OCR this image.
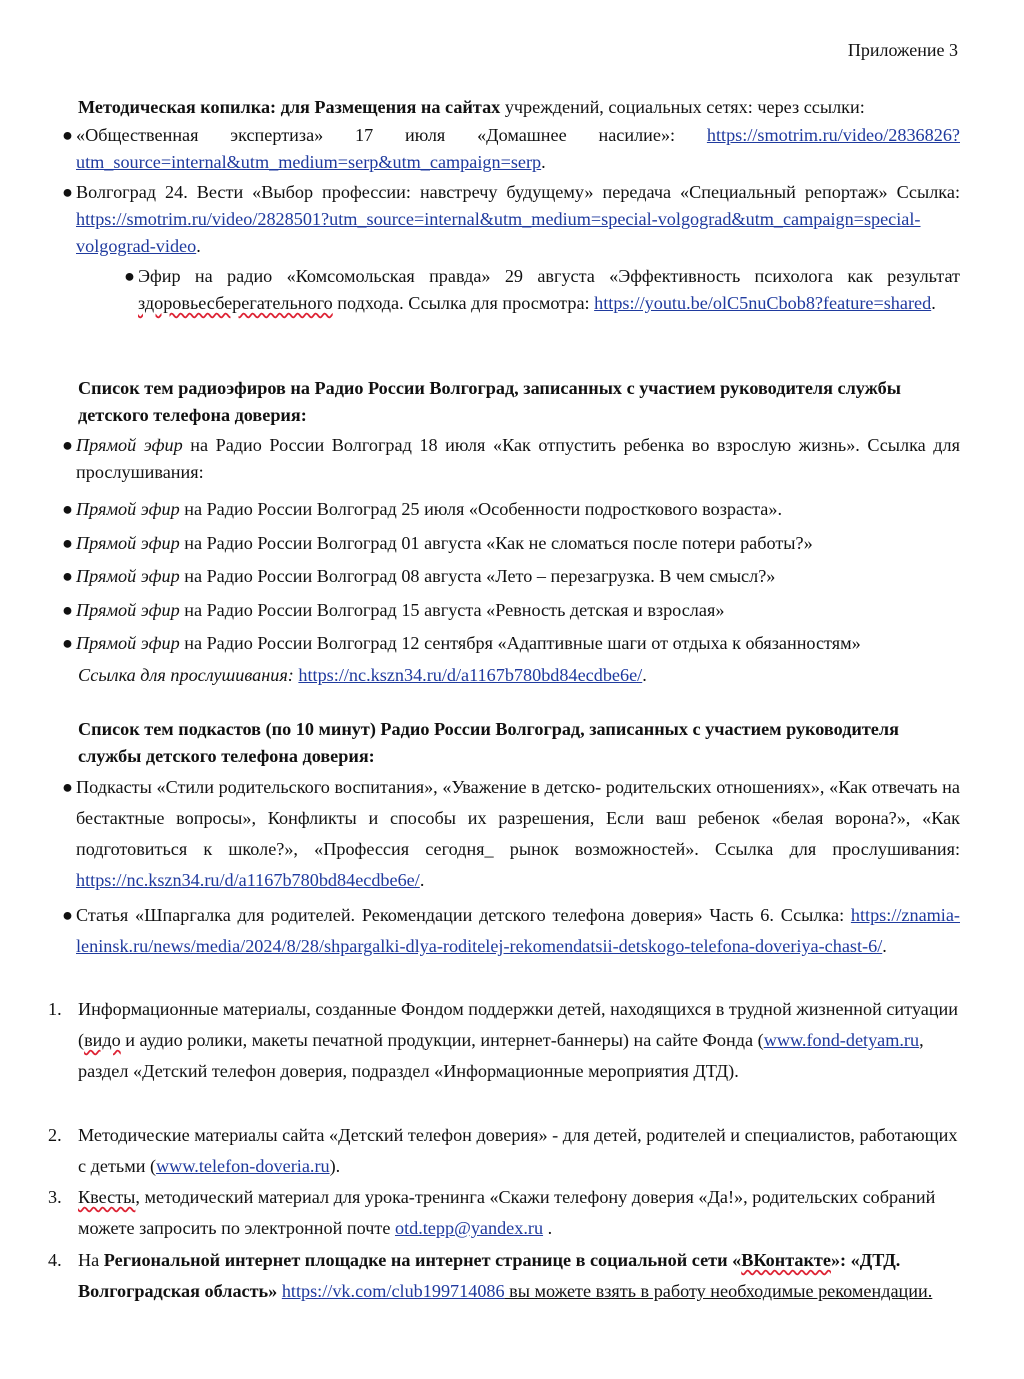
Приложение 3
Методическая копилка: для Размещения на сайтах учреждений, социальных сетях: через ссылки:
● «Общественная экспертиза» 17 июля «Домашнее насилие»: https://smotrim.ru/video/2836826?utm_source=internal&utm_medium=serp&utm_campaign=serp.
● Волгоград 24. Вести «Выбор профессии: навстречу будущему» передача «Специальный репортаж» Ссылка: https://smotrim.ru/video/2828501?utm_source=internal&utm_medium=special-volgograd&utm_campaign=special-volgograd-video.
● Эфир на радио «Комсомольская правда» 29 августа «Эффективность психолога как результат здоровьесберегательного подхода. Ссылка для просмотра: https://youtu.be/olC5nuCbob8?feature=shared.
Список тем радиоэфиров на Радио России Волгоград, записанных с участием руководителя службы детского телефона доверия:
● Прямой эфир на Радио России Волгоград 18 июля «Как отпустить ребенка во взрослую жизнь». Ссылка для прослушивания:
● Прямой эфир на Радио России Волгоград 25 июля «Особенности подросткового возраста».
● Прямой эфир на Радио России Волгоград 01 августа «Как не сломаться после потери работы?»
● Прямой эфир на Радио России Волгоград 08 августа «Лето – перезагрузка. В чем смысл?»
● Прямой эфир на Радио России Волгоград 15 августа «Ревность детская и взрослая»
● Прямой эфир на Радио России Волгоград 12 сентября «Адаптивные шаги от отдыха к обязанностям»
Ссылка для прослушивания: https://nc.kszn34.ru/d/a1167b780bd84ecdbe6e/.
Список тем подкастов (по 10 минут) Радио России Волгоград, записанных с участием руководителя службы детского телефона доверия:
● Подкасты «Стили родительского воспитания», «Уважение в детско- родительских отношениях», «Как отвечать на бестактные вопросы», Конфликты и способы их разрешения, Если ваш ребенок «белая ворона?», «Как подготовиться к школе?», «Профессия сегодня_ рынок возможностей». Ссылка для прослушивания: https://nc.kszn34.ru/d/a1167b780bd84ecdbe6e/.
● Статья «Шпаргалка для родителей. Рекомендации детского телефона доверия» Часть 6. Ссылка: https://znamia-leninsk.ru/news/media/2024/8/28/shpargalki-dlya-roditelej-rekomendatsii-detskogo-telefona-doveriya-chast-6/.
1. Информационные материалы, созданные Фондом поддержки детей, находящихся в трудной жизненной ситуации (видо и аудио ролики, макеты печатной продукции, интернет-баннеры) на сайте Фонда (www.fond-detyam.ru, раздел «Детский телефон доверия, подраздел «Информационные мероприятия ДТД).
2. Методические материалы сайта «Детский телефон доверия» - для детей, родителей и специалистов, работающих с детьми (www.telefon-doveria.ru).
3. Квесты, методический материал для урока-тренинга «Скажи телефону доверия «Да!», родительских собраний можете запросить по электронной почте otd.tepp@yandex.ru .
4. На Региональной интернет площадке на интернет странице в социальной сети «ВКонтакте»: «ДТД. Волгоградская область» https://vk.com/club199714086 вы можете взять в работу необходимые рекомендации.
